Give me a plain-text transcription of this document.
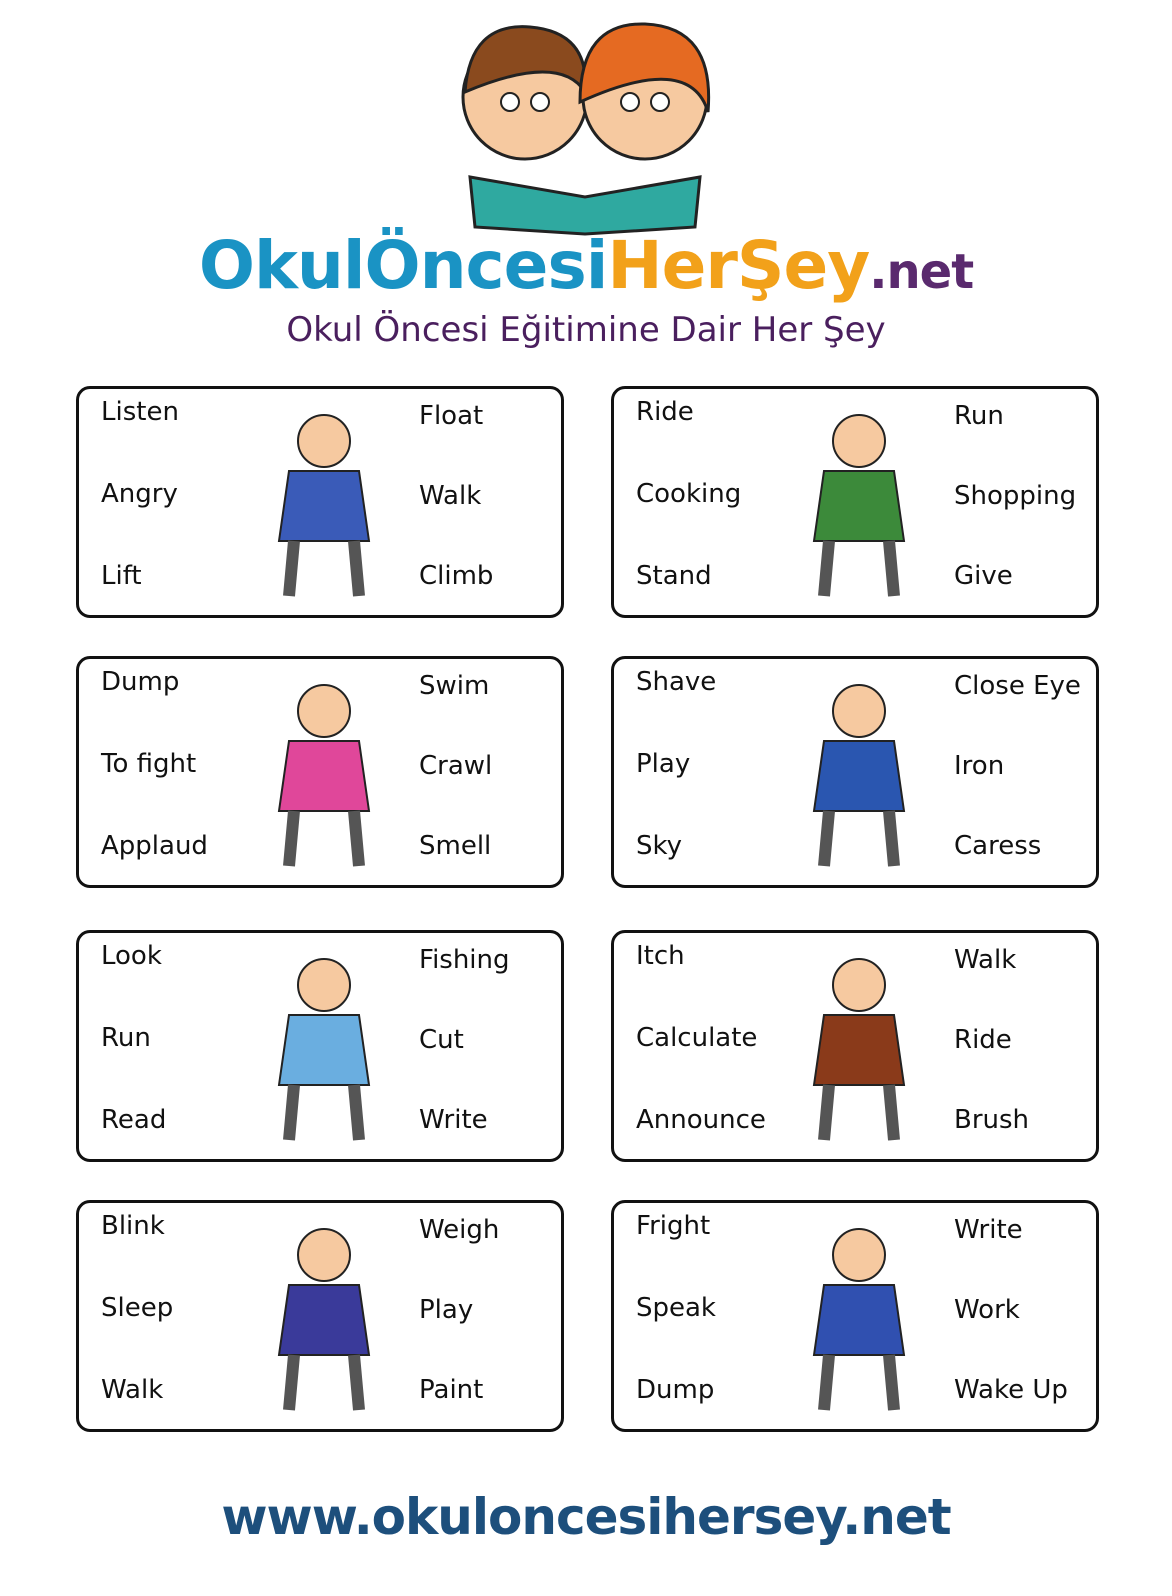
OkulÖncesiHerŞey.net
Okul Öncesi Eğitimine Dair Her Şey
Listen	Float
Angry	Walk
Lift	Climb
Ride	Run
Cooking	Shopping
Stand	Give
Dump	Swim
To fight	Crawl
Applaud	Smell
Shave	Close Eye
Play	Iron
Sky	Caress
Look	Fishing
Run	Cut
Read	Write
Itch	Walk
Calculate	Ride
Announce	Brush
Blink	Weigh
Sleep	Play
Walk	Paint
Fright	Write
Speak	Work
Dump	Wake Up
www.okuloncesihersey.net
